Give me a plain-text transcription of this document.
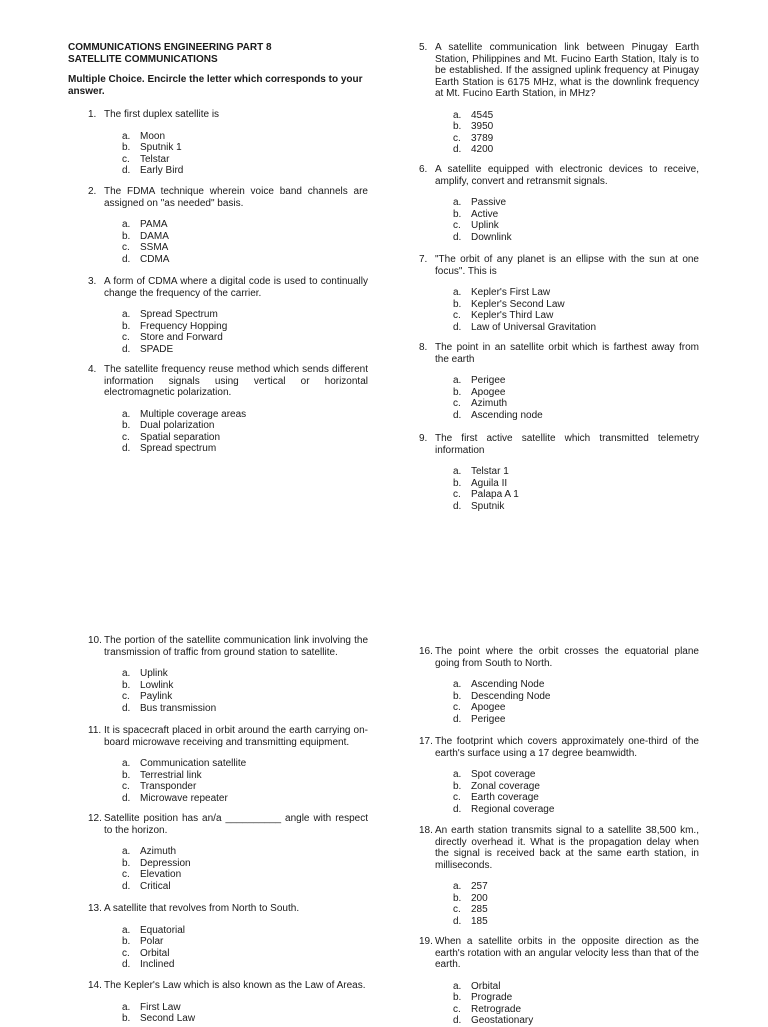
COMMUNICATIONS ENGINEERING PART 8
SATELLITE COMMUNICATIONS
Multiple Choice. Encircle the letter which corresponds to your answer.
1. The first duplex satellite is
a. Moon
b. Sputnik 1
c. Telstar
d. Early Bird
2. The FDMA technique wherein voice band channels are assigned on "as needed" basis.
a. PAMA
b. DAMA
c. SSMA
d. CDMA
3. A form of CDMA where a digital code is used to continually change the frequency of the carrier.
a. Spread Spectrum
b. Frequency Hopping
c. Store and Forward
d. SPADE
4. The satellite frequency reuse method which sends different information signals using vertical or horizontal electromagnetic polarization.
a. Multiple coverage areas
b. Dual polarization
c. Spatial separation
d. Spread spectrum
5. A satellite communication link between Pinugay Earth Station, Philippines and Mt. Fucino Earth Station, Italy is to be established. If the assigned uplink frequency at Pinugay Earth Station is 6175 MHz, what is the downlink frequency at Mt. Fucino Earth Station, in MHz?
a. 4545
b. 3950
c. 3789
d. 4200
6. A satellite equipped with electronic devices to receive, amplify, convert and retransmit signals.
a. Passive
b. Active
c. Uplink
d. Downlink
7. "The orbit of any planet is an ellipse with the sun at one focus". This is
a. Kepler's First Law
b. Kepler's Second Law
c. Kepler's Third Law
d. Law of Universal Gravitation
8. The point in an satellite orbit which is farthest away from the earth
a. Perigee
b. Apogee
c. Azimuth
d. Ascending node
9. The first active satellite which transmitted telemetry information
a. Telstar 1
b. Aguila II
c. Palapa A 1
d. Sputnik
10. The portion of the satellite communication link involving the transmission of traffic from ground station to satellite.
a. Uplink
b. Lowlink
c. Paylink
d. Bus transmission
11. It is spacecraft placed in orbit around the earth carrying on-board microwave receiving and transmitting equipment.
a. Communication satellite
b. Terrestrial link
c. Transponder
d. Microwave repeater
12. Satellite position has an/a __________ angle with respect to the horizon.
a. Azimuth
b. Depression
c. Elevation
d. Critical
13. A satellite that revolves from North to South.
a. Equatorial
b. Polar
c. Orbital
d. Inclined
14. The Kepler's Law which is also known as the Law of Areas.
a. First Law
b. Second Law
16. The point where the orbit crosses the equatorial plane going from South to North.
a. Ascending Node
b. Descending Node
c. Apogee
d. Perigee
17. The footprint which covers approximately one-third of the earth's surface using a 17 degree beamwidth.
a. Spot coverage
b. Zonal coverage
c. Earth coverage
d. Regional coverage
18. An earth station transmits signal to a satellite 38,500 km., directly overhead it. What is the propagation delay when the signal is received back at the same earth station, in milliseconds.
a. 257
b. 200
c. 285
d. 185
19. When a satellite orbits in the opposite direction as the earth's rotation with an angular velocity less than that of the earth.
a. Orbital
b. Prograde
c. Retrograde
d. Geostationary
